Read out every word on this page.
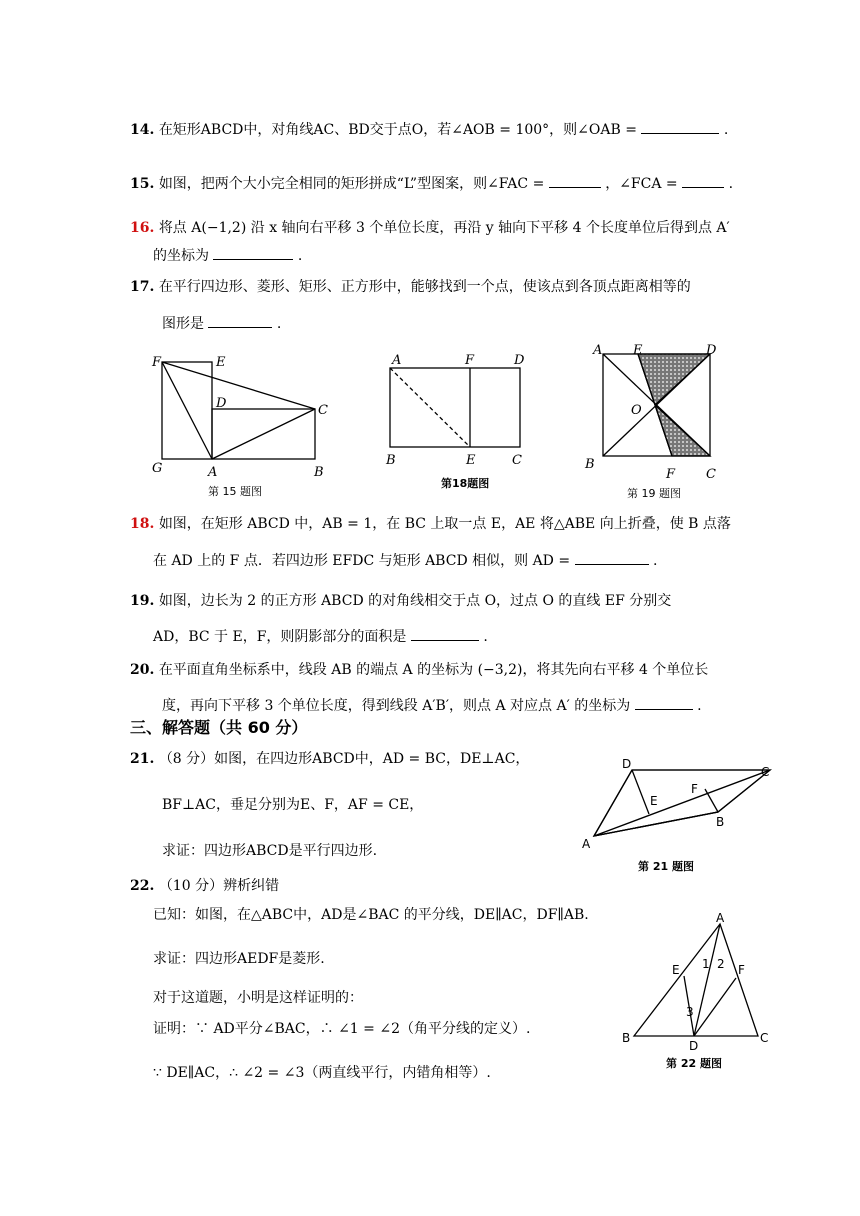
14. 在矩形ABCD中，对角线AC、BD交于点O，若∠AOB = 100°，则∠OAB =	.
15. 如图，把两个大小完全相同的矩形拼成“L”型图案，则∠FAC =	，∠FCA =	.
16. 将点 A(−1,2) 沿 x 轴向右平移 3 个单位长度，再沿 y 轴向下平移 4 个长度单位后得到点 A′
的坐标为	.
17. 在平行四边形、菱形、矩形、正方形中，能够找到一个点，使该点到各顶点距离相等的
图形是	.
F	E
D	C
G	A	B
第 15 题图
A	F	D
B	E	C
第18题图
A E	D
O
B
F C
第 19 题图
18. 如图，在矩形 ABCD 中，AB = 1，在 BC 上取一点 E，AE 将△ABE 向上折叠，使 B 点落
在 AD 上的 F 点．若四边形 EFDC 与矩形 ABCD 相似，则 AD =	.
19. 如图，边长为 2 的正方形 ABCD 的对角线相交于点 O，过点 O 的直线 EF 分别交
AD，BC 于 E，F，则阴影部分的面积是	.
20. 在平面直角坐标系中，线段 AB 的端点 A 的坐标为 (−3,2)，将其先向右平移 4 个单位长
度，再向下平移 3 个单位长度，得到线段 A′B′，则点 A 对应点 A′ 的坐标为	.
三、解答题（共 60 分）
21. （8 分）如图，在四边形ABCD中，AD = BC，DE⊥AC，
BF⊥AC，垂足分别为E、F，AF = CE，
求证：四边形ABCD是平行四边形.
D
C
E
F
A
B
第 21 题图
22. （10 分）辨析纠错
已知：如图，在△ABC中，AD是∠BAC 的平分线，DE∥AC，DF∥AB.
求证：四边形AEDF是菱形.
对于这道题，小明是这样证明的：
证明：∵ AD平分∠BAC，∴ ∠1 = ∠2（角平分线的定义）.
∵ DE∥AC，∴ ∠2 = ∠3（两直线平行，内错角相等）.
A
E 1 2 F
3
B
D
C
第 22 题图
